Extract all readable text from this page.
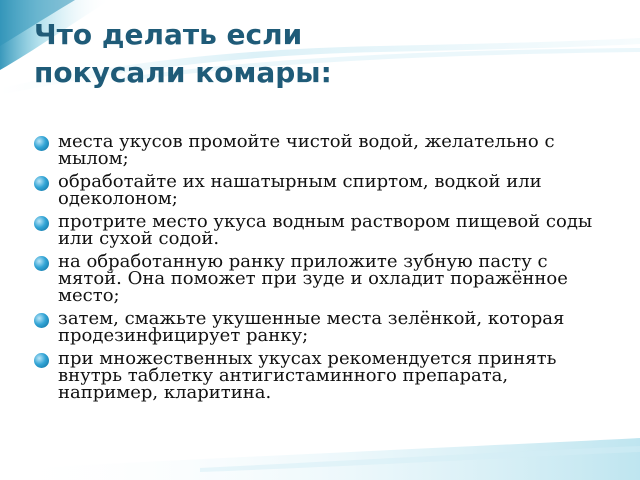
Что делать если
покусали комары:
места укусов промойте чистой водой, желательно с мылом;
обработайте их нашатырным спиртом, водкой или одеколоном;
протрите место укуса водным раствором пищевой соды или сухой содой.
на обработанную ранку приложите зубную пасту с мятой. Она поможет при зуде и охладит поражённое место;
затем, смажьте укушенные места зелёнкой, которая продезинфицирует ранку;
при множественных укусах рекомендуется принять внутрь таблетку антигистаминного препарата, например, кларитина.
